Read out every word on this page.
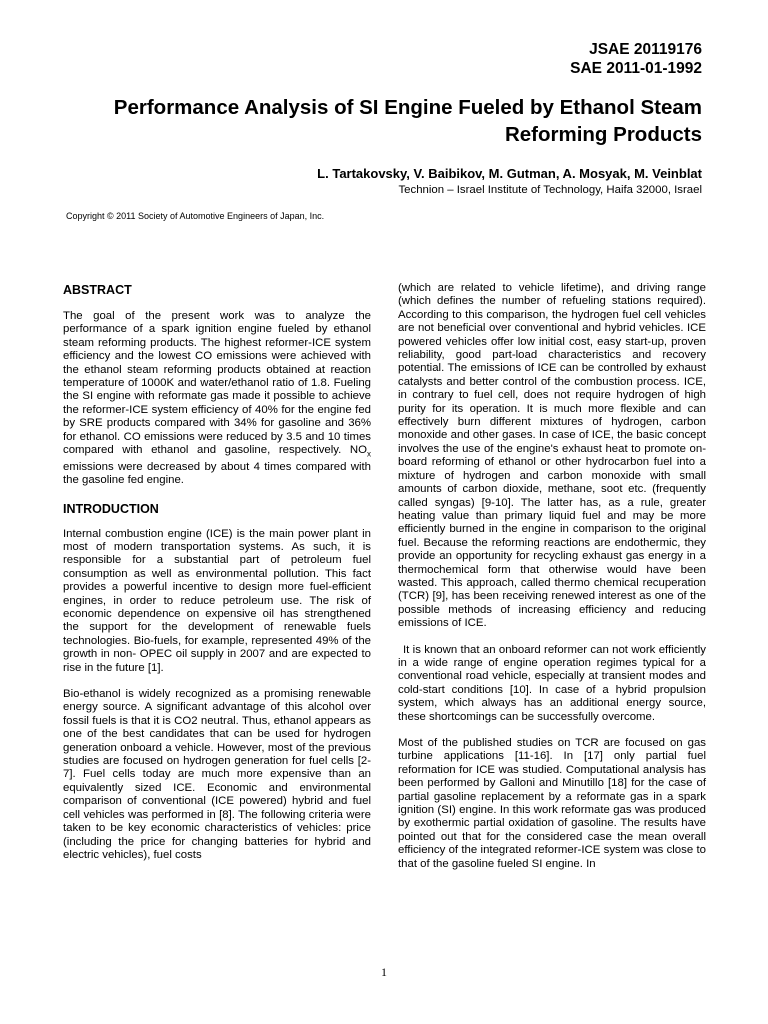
JSAE 20119176
SAE 2011-01-1992
Performance Analysis of SI Engine Fueled by Ethanol Steam Reforming Products
L. Tartakovsky, V. Baibikov, M. Gutman, A. Mosyak, M. Veinblat
Technion – Israel Institute of Technology, Haifa 32000, Israel
Copyright © 2011 Society of Automotive Engineers of Japan, Inc.
ABSTRACT

The goal of the present work was to analyze the performance of a spark ignition engine fueled by ethanol steam reforming products. The highest reformer-ICE system efficiency and the lowest CO emissions were achieved with the ethanol steam reforming products obtained at reaction temperature of 1000K and water/ethanol ratio of 1.8. Fueling the SI engine with reformate gas made it possible to achieve the reformer-ICE system efficiency of 40% for the engine fed by SRE products compared with 34% for gasoline and 36% for ethanol. CO emissions were reduced by 3.5 and 10 times compared with ethanol and gasoline, respectively. $NO_x$ emissions were decreased by about 4 times compared with the gasoline fed engine.

INTRODUCTION

Internal combustion engine (ICE) is the main power plant in most of modern transportation systems. As such, it is responsible for a substantial part of petroleum fuel consumption as well as environmental pollution. This fact provides a powerful incentive to design more fuel-efficient engines, in order to reduce petroleum use. The risk of economic dependence on expensive oil has strengthened the support for the development of renewable fuels technologies. Bio-fuels, for example, represented 49% of the growth in non- OPEC oil supply in 2007 and are expected to rise in the future [1].

Bio-ethanol is widely recognized as a promising renewable energy source. A significant advantage of this alcohol over fossil fuels is that it is CO2 neutral. Thus, ethanol appears as one of the best candidates that can be used for hydrogen generation onboard a vehicle. However, most of the previous studies are focused on hydrogen generation for fuel cells [2-7]. Fuel cells today are much more expensive than an equivalently sized ICE. Economic and environmental comparison of conventional (ICE powered) hybrid and fuel cell vehicles was performed in [8]. The following criteria were taken to be key economic characteristics of vehicles: price (including the price for changing batteries for hybrid and electric vehicles), fuel costs

(which are related to vehicle lifetime), and driving range (which defines the number of refueling stations required). According to this comparison, the hydrogen fuel cell vehicles are not beneficial over conventional and hybrid vehicles. ICE powered vehicles offer low initial cost, easy start-up, proven reliability, good part-load characteristics and recovery potential. The emissions of ICE can be controlled by exhaust catalysts and better control of the combustion process. ICE, in contrary to fuel cell, does not require hydrogen of high purity for its operation. It is much more flexible and can effectively burn different mixtures of hydrogen, carbon monoxide and other gases. In case of ICE, the basic concept involves the use of the engine's exhaust heat to promote on-board reforming of ethanol or other hydrocarbon fuel into a mixture of hydrogen and carbon monoxide with small amounts of carbon dioxide, methane, soot etc. (frequently called syngas) [9-10]. The latter has, as a rule, greater heating value than primary liquid fuel and may be more efficiently burned in the engine in comparison to the original fuel. Because the reforming reactions are endothermic, they provide an opportunity for recycling exhaust gas energy in a thermochemical form that otherwise would have been wasted. This approach, called thermo chemical recuperation (TCR) [9], has been receiving renewed interest as one of the possible methods of increasing efficiency and reducing emissions of ICE.

It is known that an onboard reformer can not work efficiently in a wide range of engine operation regimes typical for a conventional road vehicle, especially at transient modes and cold-start conditions [10]. In case of a hybrid propulsion system, which always has an additional energy source, these shortcomings can be successfully overcome.

Most of the published studies on TCR are focused on gas turbine applications [11-16]. In [17] only partial fuel reformation for ICE was studied. Computational analysis has been performed by Galloni and Minutillo [18] for the case of partial gasoline replacement by a reformate gas in a spark ignition (SI) engine. In this work reformate gas was produced by exothermic partial oxidation of gasoline. The results have pointed out that for the considered case the mean overall efficiency of the integrated reformer-ICE system was close to that of the gasoline fueled SI engine. In

1
